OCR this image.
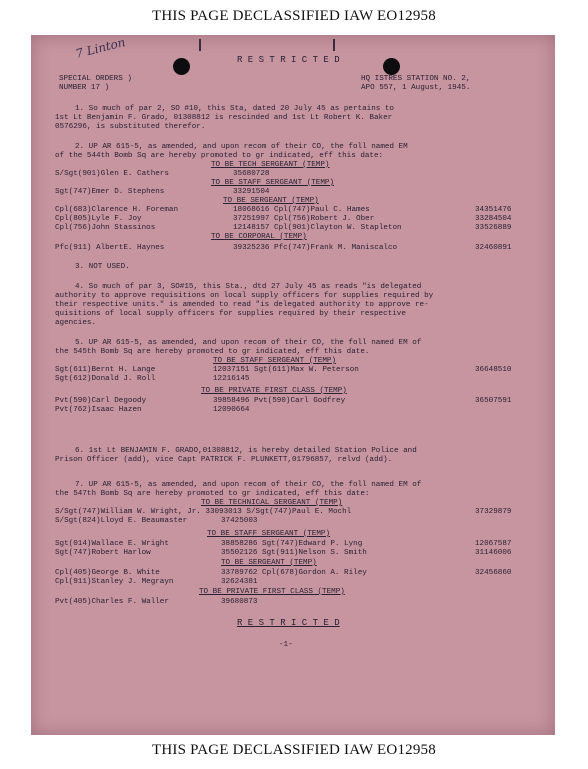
THIS PAGE DECLASSIFIED IAW EO12958
7 Linton	R E S T R I C T E D
SPECIAL ORDERS )
NUMBER 17 )
HQ ISTRES STATION NO. 2,
APO 557, 1 August, 1945.
1. So much of par 2, SO #10, this Sta, dated 20 July 45 as pertains to
1st Lt Benjamin F. Grado, 01308812 is rescinded and 1st Lt Robert K. Baker
0576296, is substituted therefor.
2. UP AR 615-5, as amended, and upon recom of their CO, the foll named EM
of the 544th Bomb Sq are hereby promoted to gr indicated, eff this date:
TO BE TECH SERGEANT (TEMP)
S/Sgt(901)Glen E. Cathers	35680728
TO BE STAFF SERGEANT (TEMP)
Sgt(747)Emer D. Stephens	33291504
TO BE SERGEANT (TEMP)
Cpl(683)Clarence H. Foreman	18068616 Cpl(747)Paul C. Hames	34351476
Cpl(805)Lyle F. Joy	37251997 Cpl(756)Robert J. Ober	33284504
Cpl(756)John Stassinos	12148157 Cpl(901)Clayton W. Stapleton	33526889
TO BE CORPORAL (TEMP)
Pfc(911) AlbertE. Haynes	39325236 Pfc(747)Frank M. Maniscalco	32460891
3. NOT USED.
4. So much of par 3, SO#15, this Sta., dtd 27 July 45 as reads "is delegated
authority to approve requisitions on local supply officers for supplies required by
their respective units." is amended to read "is delegated authority to approve re-
quisitions of local supply officers for supplies required by their respective
agencies.
5. UP AR 615-5, as amended, and upon recom of their CO, the foll named EM of
the 545th Bomb Sq are hereby promoted to gr indicated, eff this date.
TO BE STAFF SERGEANT (TEMP)
Sgt(611)Bernt H. Lange	12037151 Sgt(611)Max W. Peterson	36648510
Sgt(612)Donald J. Roll	12216145
TO BE PRIVATE FIRST CLASS (TEMP)
Pvt(590)Carl Degoody	39858496 Pvt(590)Carl Godfrey	36507591
Pvt(762)Isaac Hazen	12090664
6. 1st Lt BENJAMIN F. GRADO,01308812, is hereby detailed Station Police and
Prison Officer (add), vice Capt PATRICK F. PLUNKETT,01796857, relvd (add).
7. UP AR 615-5, as amended, and upon recom of their CO, the foll named EM of
the 547th Bomb Sq are hereby promoted to gr indicated, eff this date:
TO BE TECHNICAL SERGEANT (TEMP)
S/Sgt(747)William W. Wright, Jr. 33093013 S/Sgt(747)Paul E. Mochl	37329879
S/Sgt(824)Lloyd E. Beaumaster	37425003
TO BE STAFF SERGEANT (TEMP)
Sgt(014)Wallace E. Wright	38858286 Sgt(747)Edward P. Lyng	12067587
Sgt(747)Robert Harlow	35502126 Sgt(911)Nelson S. Smith	31146006
TO BE SERGEANT (TEMP)
Cpl(405)George B. White	33789762 Cpl(678)Gordon A. Riley	32456860
Cpl(911)Stanley J. Megrayn	32624381
TO BE PRIVATE FIRST CLASS (TEMP)
Pvt(405)Charles F. Waller	39680873
R E S T R I C T E D
-1-
THIS PAGE DECLASSIFIED IAW EO12958
